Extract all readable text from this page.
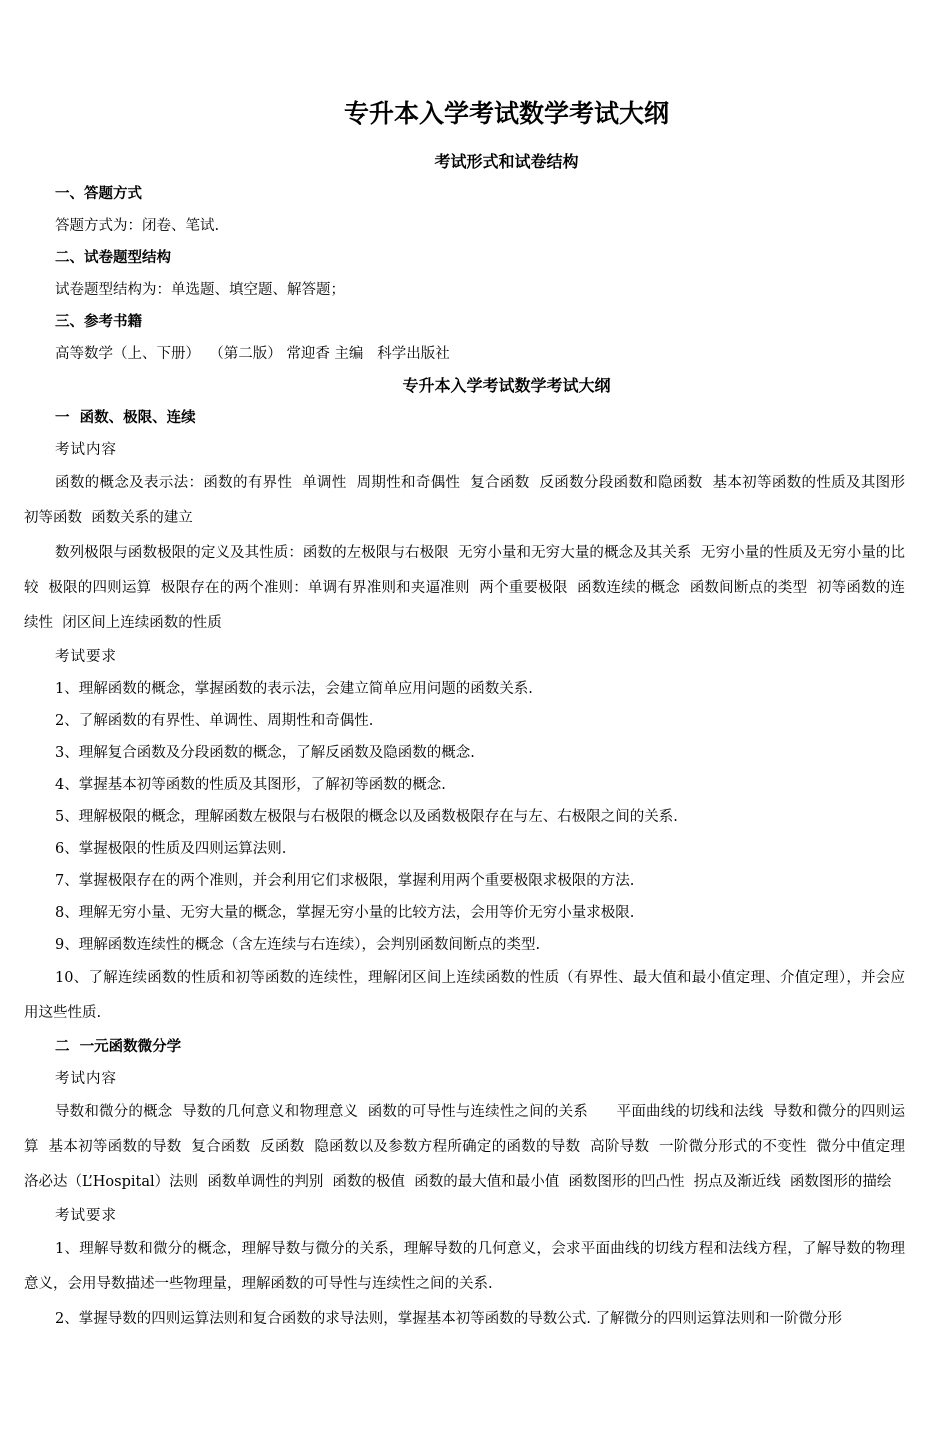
专升本入学考试数学考试大纲
考试形式和试卷结构
一、答题方式
答题方式为：闭卷、笔试.
二、试卷题型结构
试卷题型结构为：单选题、填空题、解答题；
三、参考书籍
高等数学（上、下册）  （第二版） 常迎香 主编   科学出版社
专升本入学考试数学考试大纲
一  函数、极限、连续
考试内容
函数的概念及表示法：函数的有界性  单调性  周期性和奇偶性  复合函数  反函数分段函数和隐函数  基本初等函数的性质及其图形  初等函数  函数关系的建立
数列极限与函数极限的定义及其性质：函数的左极限与右极限  无穷小量和无穷大量的概念及其关系  无穷小量的性质及无穷小量的比较  极限的四则运算  极限存在的两个准则：单调有界准则和夹逼准则  两个重要极限  函数连续的概念  函数间断点的类型  初等函数的连续性  闭区间上连续函数的性质
考试要求
1、理解函数的概念，掌握函数的表示法，会建立简单应用问题的函数关系.
2、了解函数的有界性、单调性、周期性和奇偶性.
3、理解复合函数及分段函数的概念，了解反函数及隐函数的概念.
4、掌握基本初等函数的性质及其图形，了解初等函数的概念.
5、理解极限的概念，理解函数左极限与右极限的概念以及函数极限存在与左、右极限之间的关系.
6、掌握极限的性质及四则运算法则.
7、掌握极限存在的两个准则，并会利用它们求极限，掌握利用两个重要极限求极限的方法.
8、理解无穷小量、无穷大量的概念，掌握无穷小量的比较方法，会用等价无穷小量求极限.
9、理解函数连续性的概念（含左连续与右连续），会判别函数间断点的类型.
10、了解连续函数的性质和初等函数的连续性，理解闭区间上连续函数的性质（有界性、最大值和最小值定理、介值定理），并会应用这些性质.
二  一元函数微分学
考试内容
导数和微分的概念  导数的几何意义和物理意义  函数的可导性与连续性之间的关系      平面曲线的切线和法线  导数和微分的四则运算  基本初等函数的导数  复合函数  反函数  隐函数以及参数方程所确定的函数的导数  高阶导数  一阶微分形式的不变性  微分中值定理  洛必达（L’Hospital）法则  函数单调性的判别  函数的极值  函数的最大值和最小值  函数图形的凹凸性  拐点及渐近线  函数图形的描绘
考试要求
1、理解导数和微分的概念，理解导数与微分的关系，理解导数的几何意义，会求平面曲线的切线方程和法线方程，了解导数的物理意义，会用导数描述一些物理量，理解函数的可导性与连续性之间的关系.
2、掌握导数的四则运算法则和复合函数的求导法则，掌握基本初等函数的导数公式. 了解微分的四则运算法则和一阶微分形
